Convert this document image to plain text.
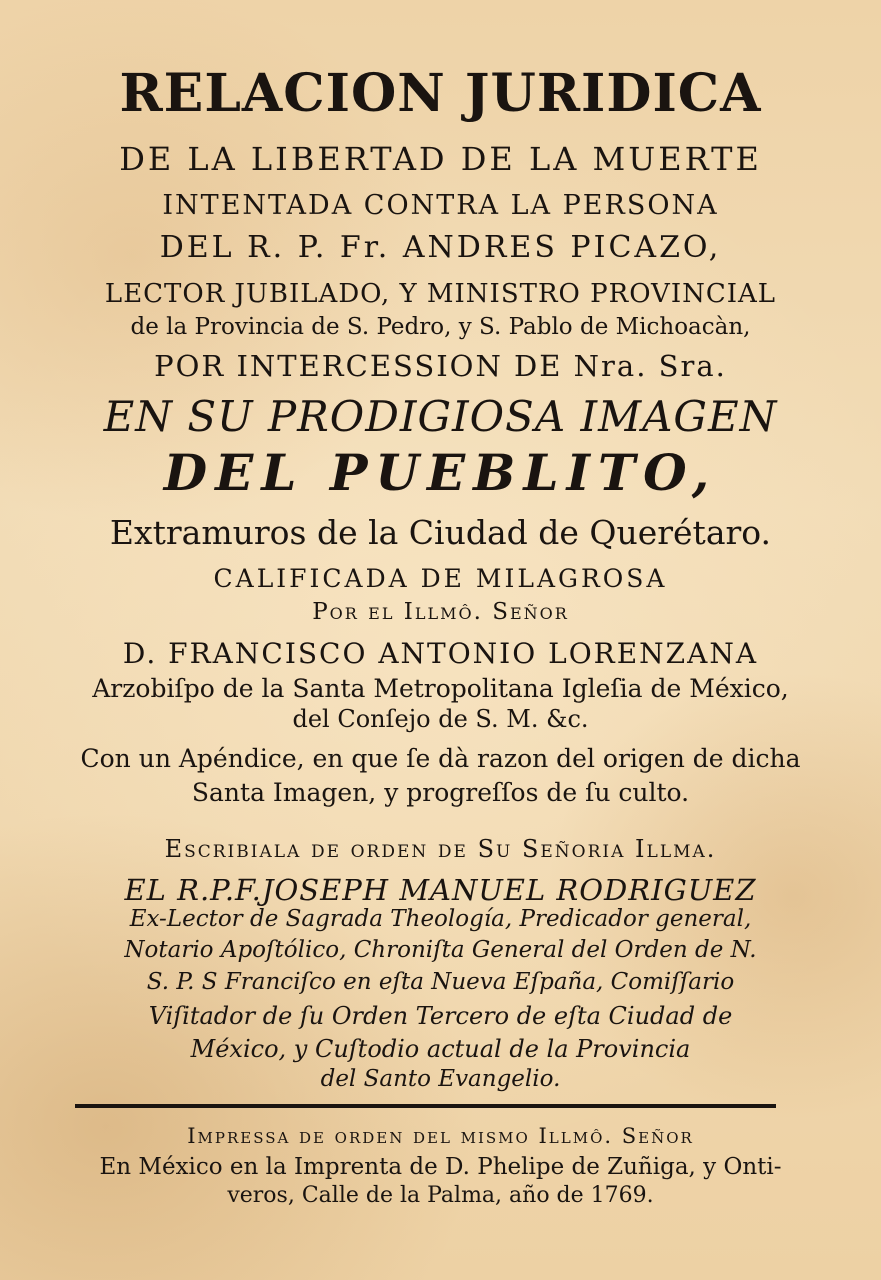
RELACION JURIDICA
DE LA LIBERTAD DE LA MUERTE
INTENTADA CONTRA LA PERSONA
DEL R. P. Fr. ANDRES PICAZO,
LECTOR JUBILADO, Y MINISTRO PROVINCIAL
de la Provincia de S. Pedro, y S. Pablo de Michoacàn,
POR INTERCESSION DE Nra. Sra.
EN SU PRODIGIOSA IMAGEN
DEL PUEBLITO,
Extramuros de la Ciudad de Querétaro.
CALIFICADA DE MILAGROSA
Por el Illmô. Señor
D. FRANCISCO ANTONIO LORENZANA
Arzobiſpo de la Santa Metropolitana Igleſia de México,
del Conſejo de S. M. &c.
Con un Apéndice, en que ſe dà razon del origen de dicha
Santa Imagen, y progreſſos de ſu culto.
Escribiala de orden de Su Señoria Illma.
EL R.P.F.JOSEPH MANUEL RODRIGUEZ
Ex-Lector de Sagrada Theología, Predicador general,
Notario Apoſtólico, Chroniſta General del Orden de N.
S. P. S Franciſco en eſta Nueva Eſpaña, Comiſſario
Viſitador de ſu Orden Tercero de eſta Ciudad de
México, y Cuſtodio actual de la Provincia
del Santo Evangelio.
Impressa de orden del mismo Illmô. Señor
En México en la Imprenta de D. Phelipe de Zuñiga, y Onti-
veros, Calle de la Palma, año de 1769.
